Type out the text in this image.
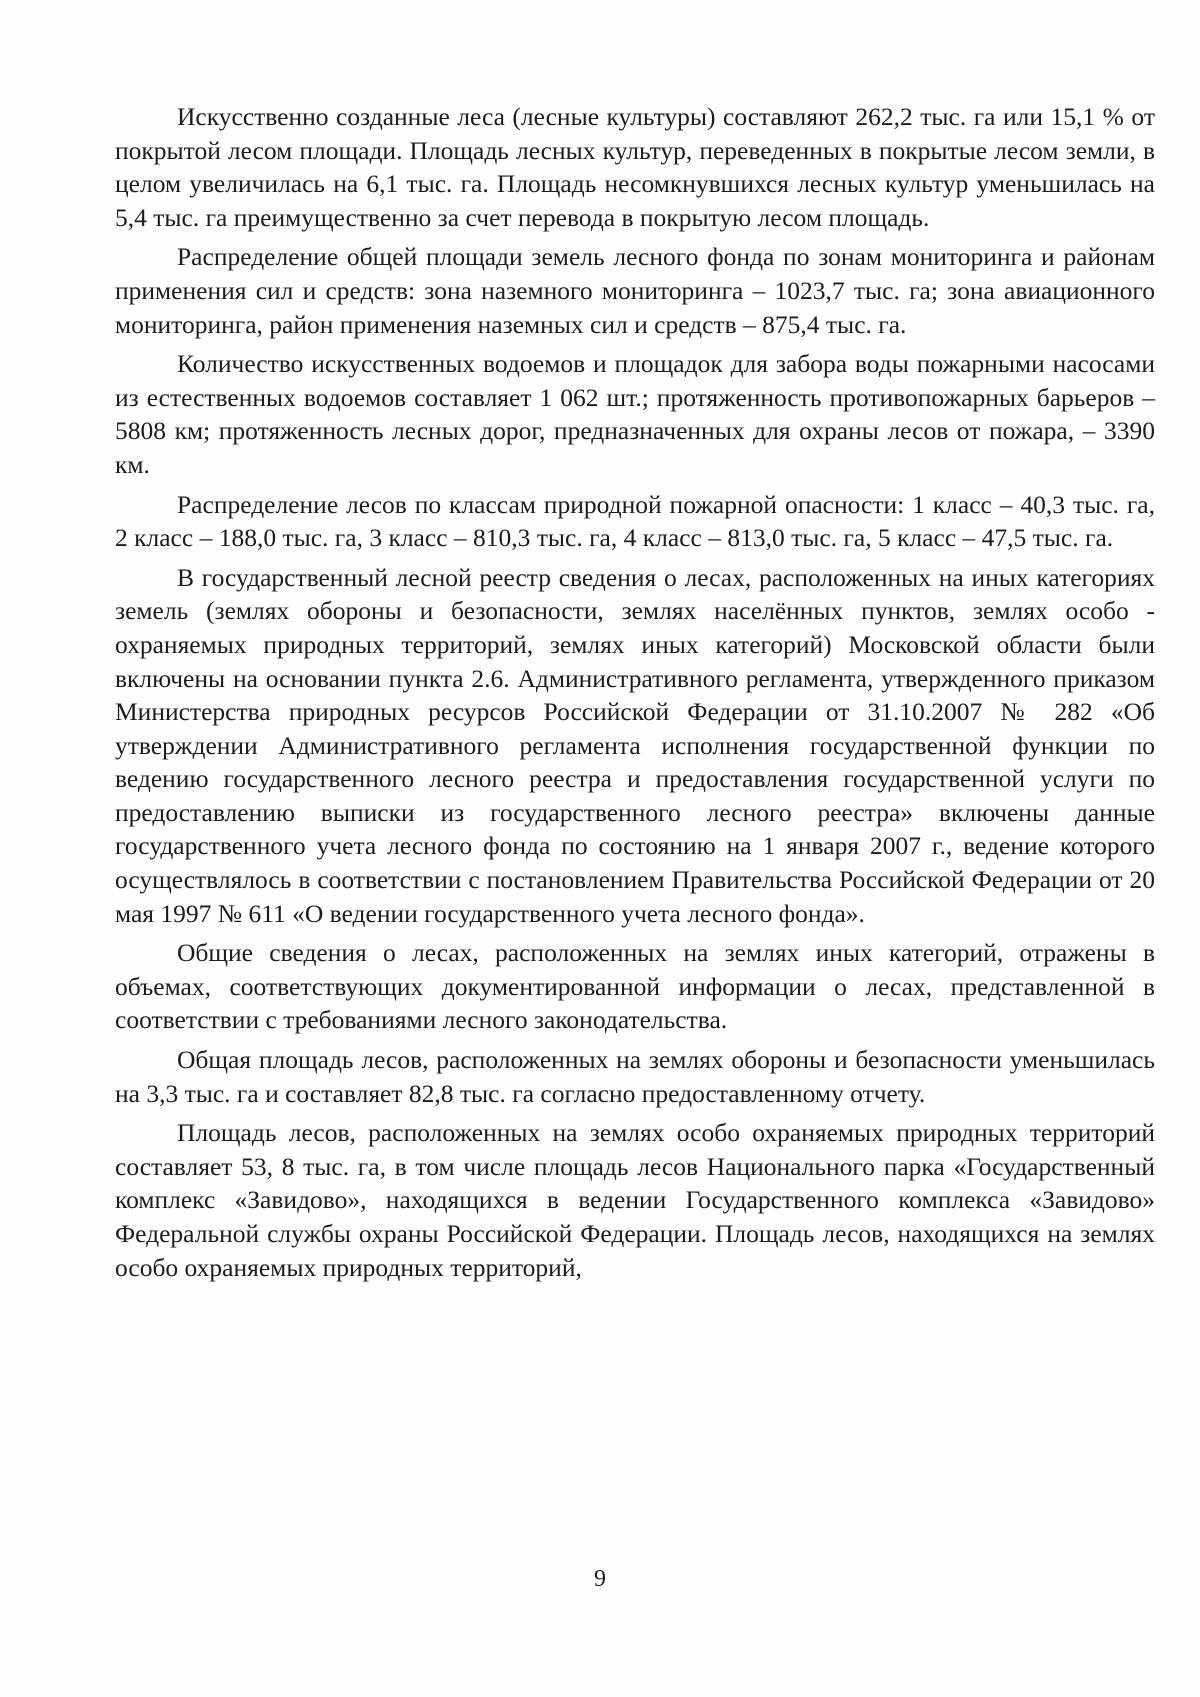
Искусственно созданные леса (лесные культуры) составляют 262,2 тыс. га или 15,1 % от покрытой лесом площади. Площадь лесных культур, переведенных в покрытые лесом земли, в целом увеличилась на 6,1 тыс. га. Площадь несомкнувшихся лесных культур уменьшилась на 5,4 тыс. га преимущественно за счет перевода в покрытую лесом площадь.

Распределение общей площади земель лесного фонда по зонам мониторинга и районам применения сил и средств: зона наземного мониторинга – 1023,7 тыс. га; зона авиационного мониторинга, район применения наземных сил и средств – 875,4 тыс. га.

Количество искусственных водоемов и площадок для забора воды пожарными насосами из естественных водоемов составляет 1 062 шт.; протяженность противопожарных барьеров – 5808 км; протяженность лесных дорог, предназначенных для охраны лесов от пожара, – 3390 км.

Распределение лесов по классам природной пожарной опасности: 1 класс – 40,3 тыс. га, 2 класс – 188,0 тыс. га, 3 класс – 810,3 тыс. га, 4 класс – 813,0 тыс. га, 5 класс – 47,5 тыс. га.

В государственный лесной реестр сведения о лесах, расположенных на иных категориях земель (землях обороны и безопасности, землях населённых пунктов, землях особо - охраняемых природных территорий, землях иных категорий) Московской области были включены на основании пункта 2.6. Административного регламента, утвержденного приказом Министерства природных ресурсов Российской Федерации от 31.10.2007 № 282 «Об утверждении Административного регламента исполнения государственной функции по ведению государственного лесного реестра и предоставления государственной услуги по предоставлению выписки из государственного лесного реестра» включены данные государственного учета лесного фонда по состоянию на 1 января 2007 г., ведение которого осуществлялось в соответствии с постановлением Правительства Российской Федерации от 20 мая 1997 № 611 «О ведении государственного учета лесного фонда».

Общие сведения о лесах, расположенных на землях иных категорий, отражены в объемах, соответствующих документированной информации о лесах, представленной в соответствии с требованиями лесного законодательства.

Общая площадь лесов, расположенных на землях обороны и безопасности уменьшилась на 3,3 тыс. га и составляет 82,8 тыс. га согласно предоставленному отчету.

Площадь лесов, расположенных на землях особо охраняемых природных территорий составляет 53, 8 тыс. га, в том числе площадь лесов Национального парка «Государственный комплекс «Завидово», находящихся в ведении Государственного комплекса «Завидово» Федеральной службы охраны Российской Федерации. Площадь лесов, находящихся на землях особо охраняемых природных территорий,

9
